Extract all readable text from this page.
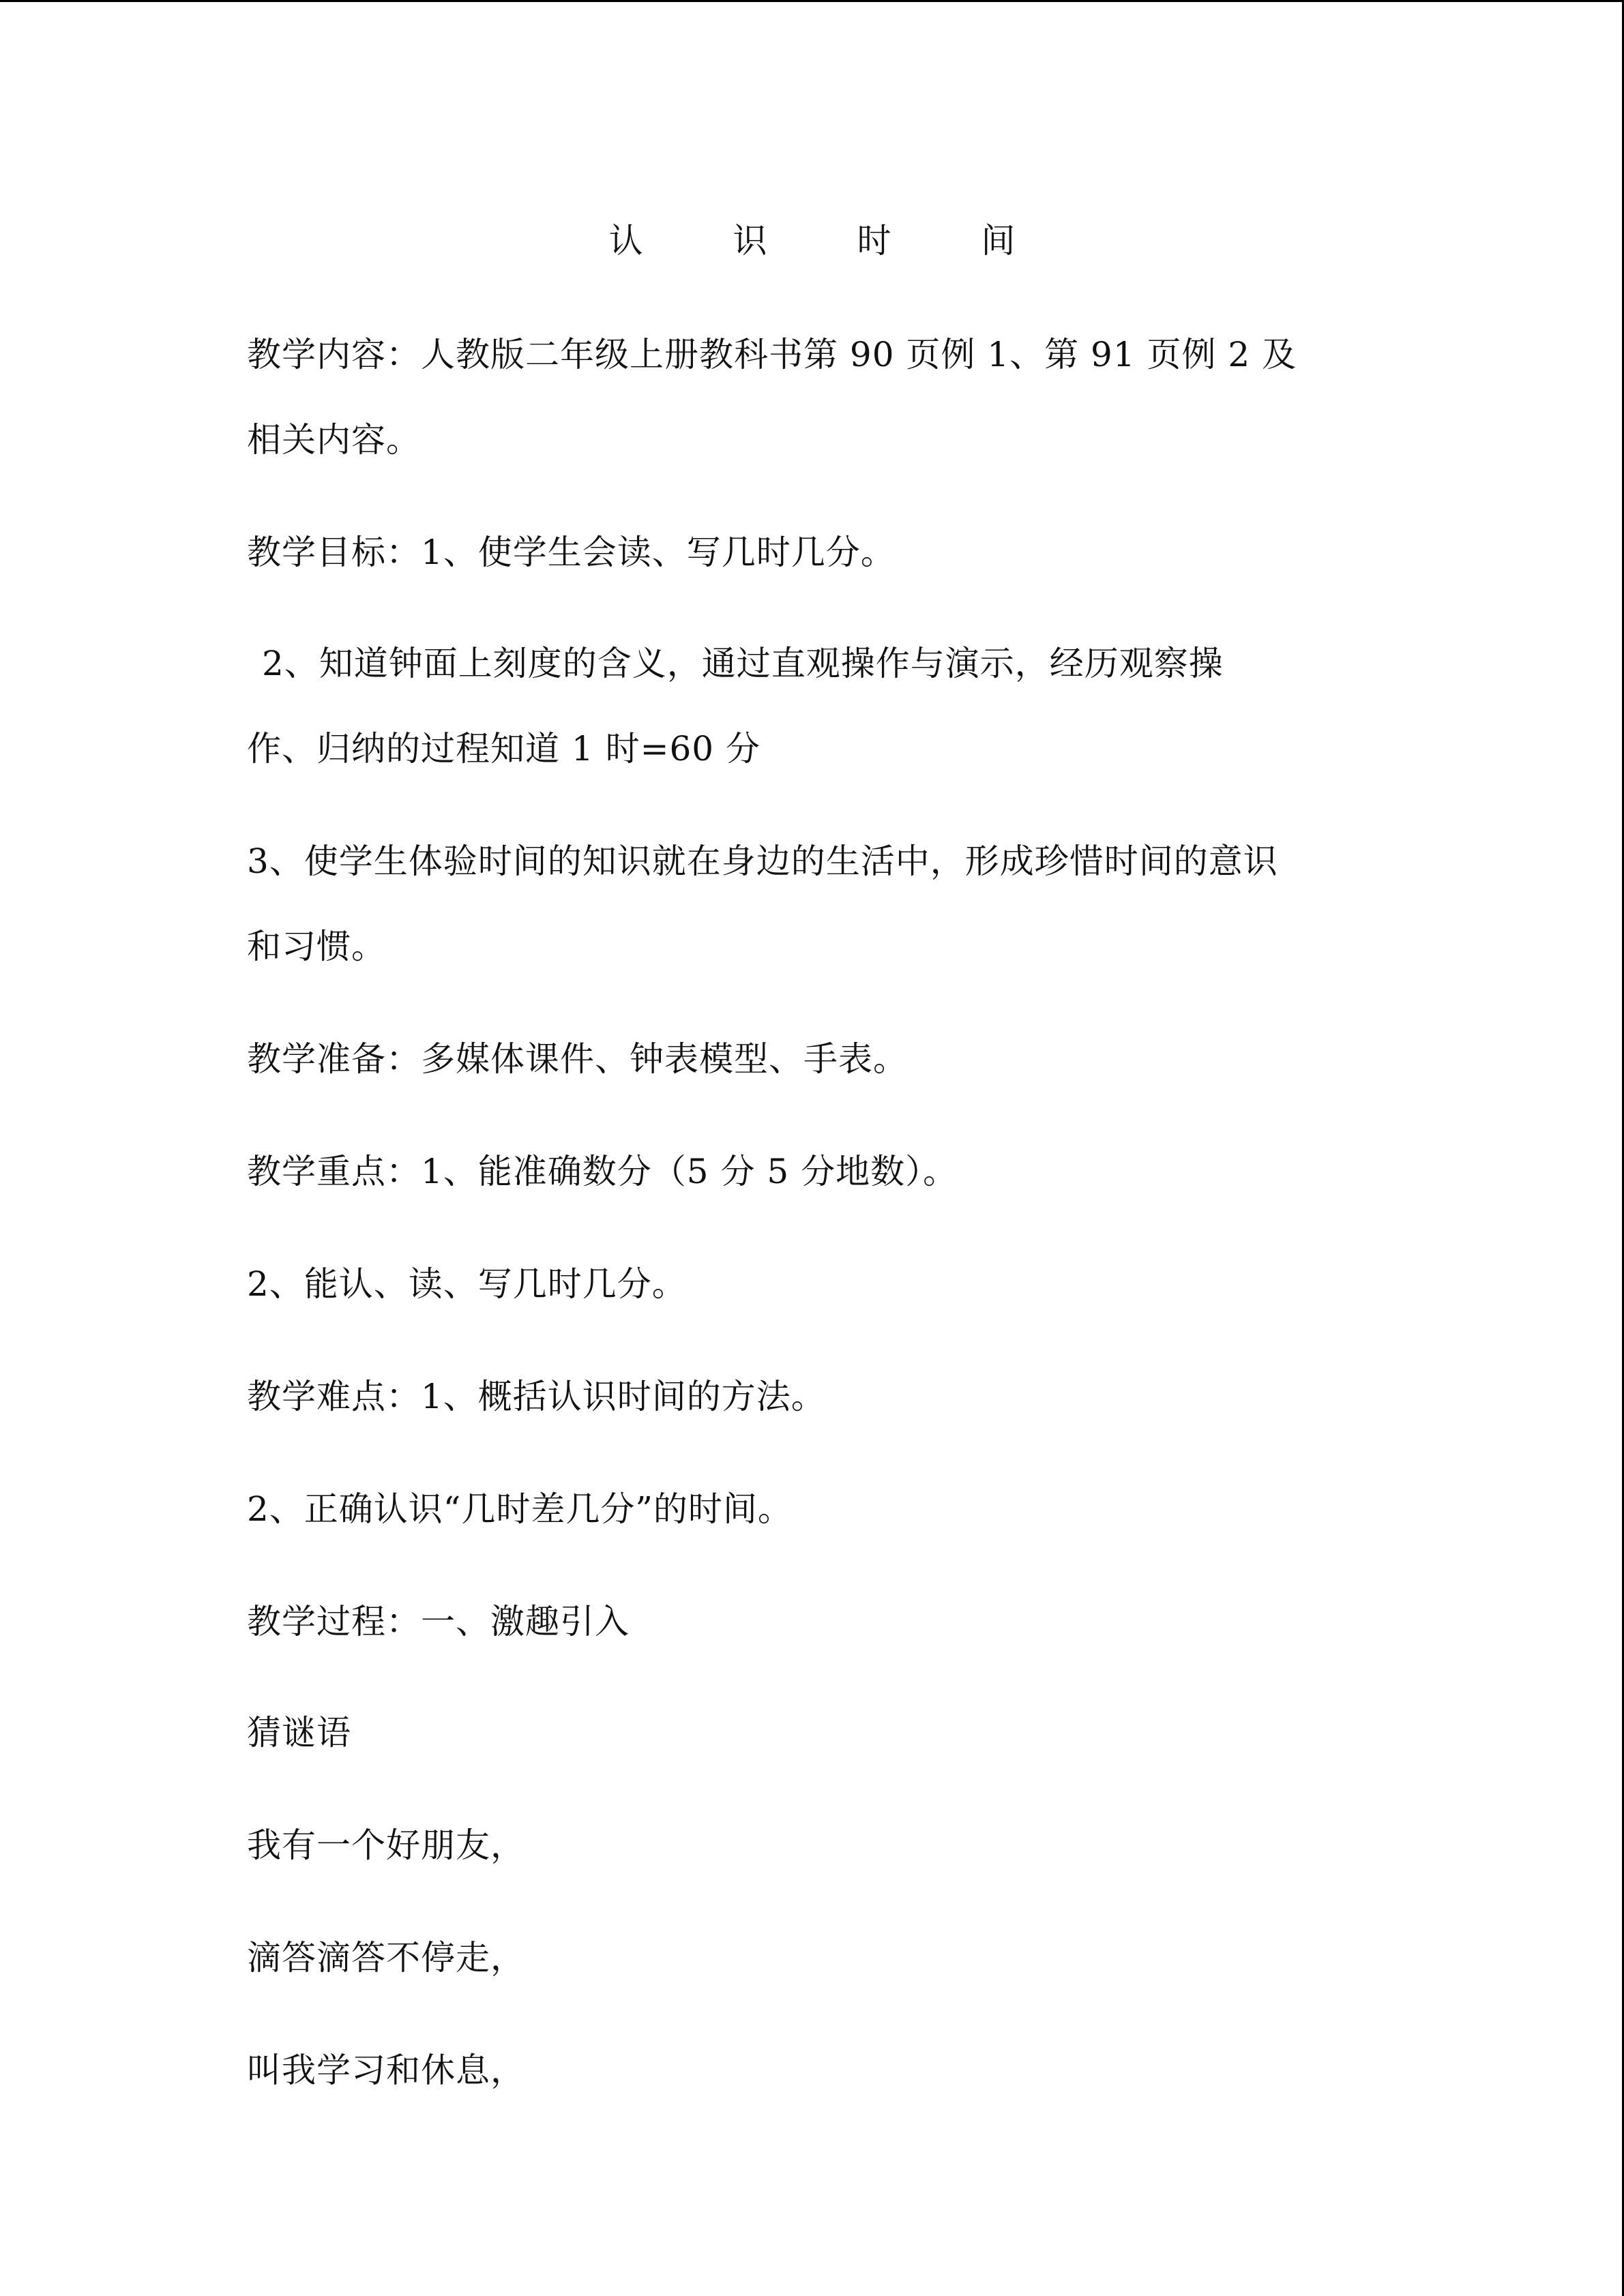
认 识 时 间
教学内容：人教版二年级上册教科书第 90 页例 1、第 91 页例 2 及
相关内容。
教学目标：1、使学生会读、写几时几分。
2、知道钟面上刻度的含义，通过直观操作与演示，经历观察操
作、归纳的过程知道 1 时=60 分
3、使学生体验时间的知识就在身边的生活中，形成珍惜时间的意识
和习惯。
教学准备：多媒体课件、钟表模型、手表。
教学重点：1、能准确数分（5 分 5 分地数）。
2、能认、读、写几时几分。
教学难点：1、概括认识时间的方法。
2、正确认识“几时差几分”的时间。
教学过程：一、激趣引入
猜谜语
我有一个好朋友，
滴答滴答不停走，
叫我学习和休息，
